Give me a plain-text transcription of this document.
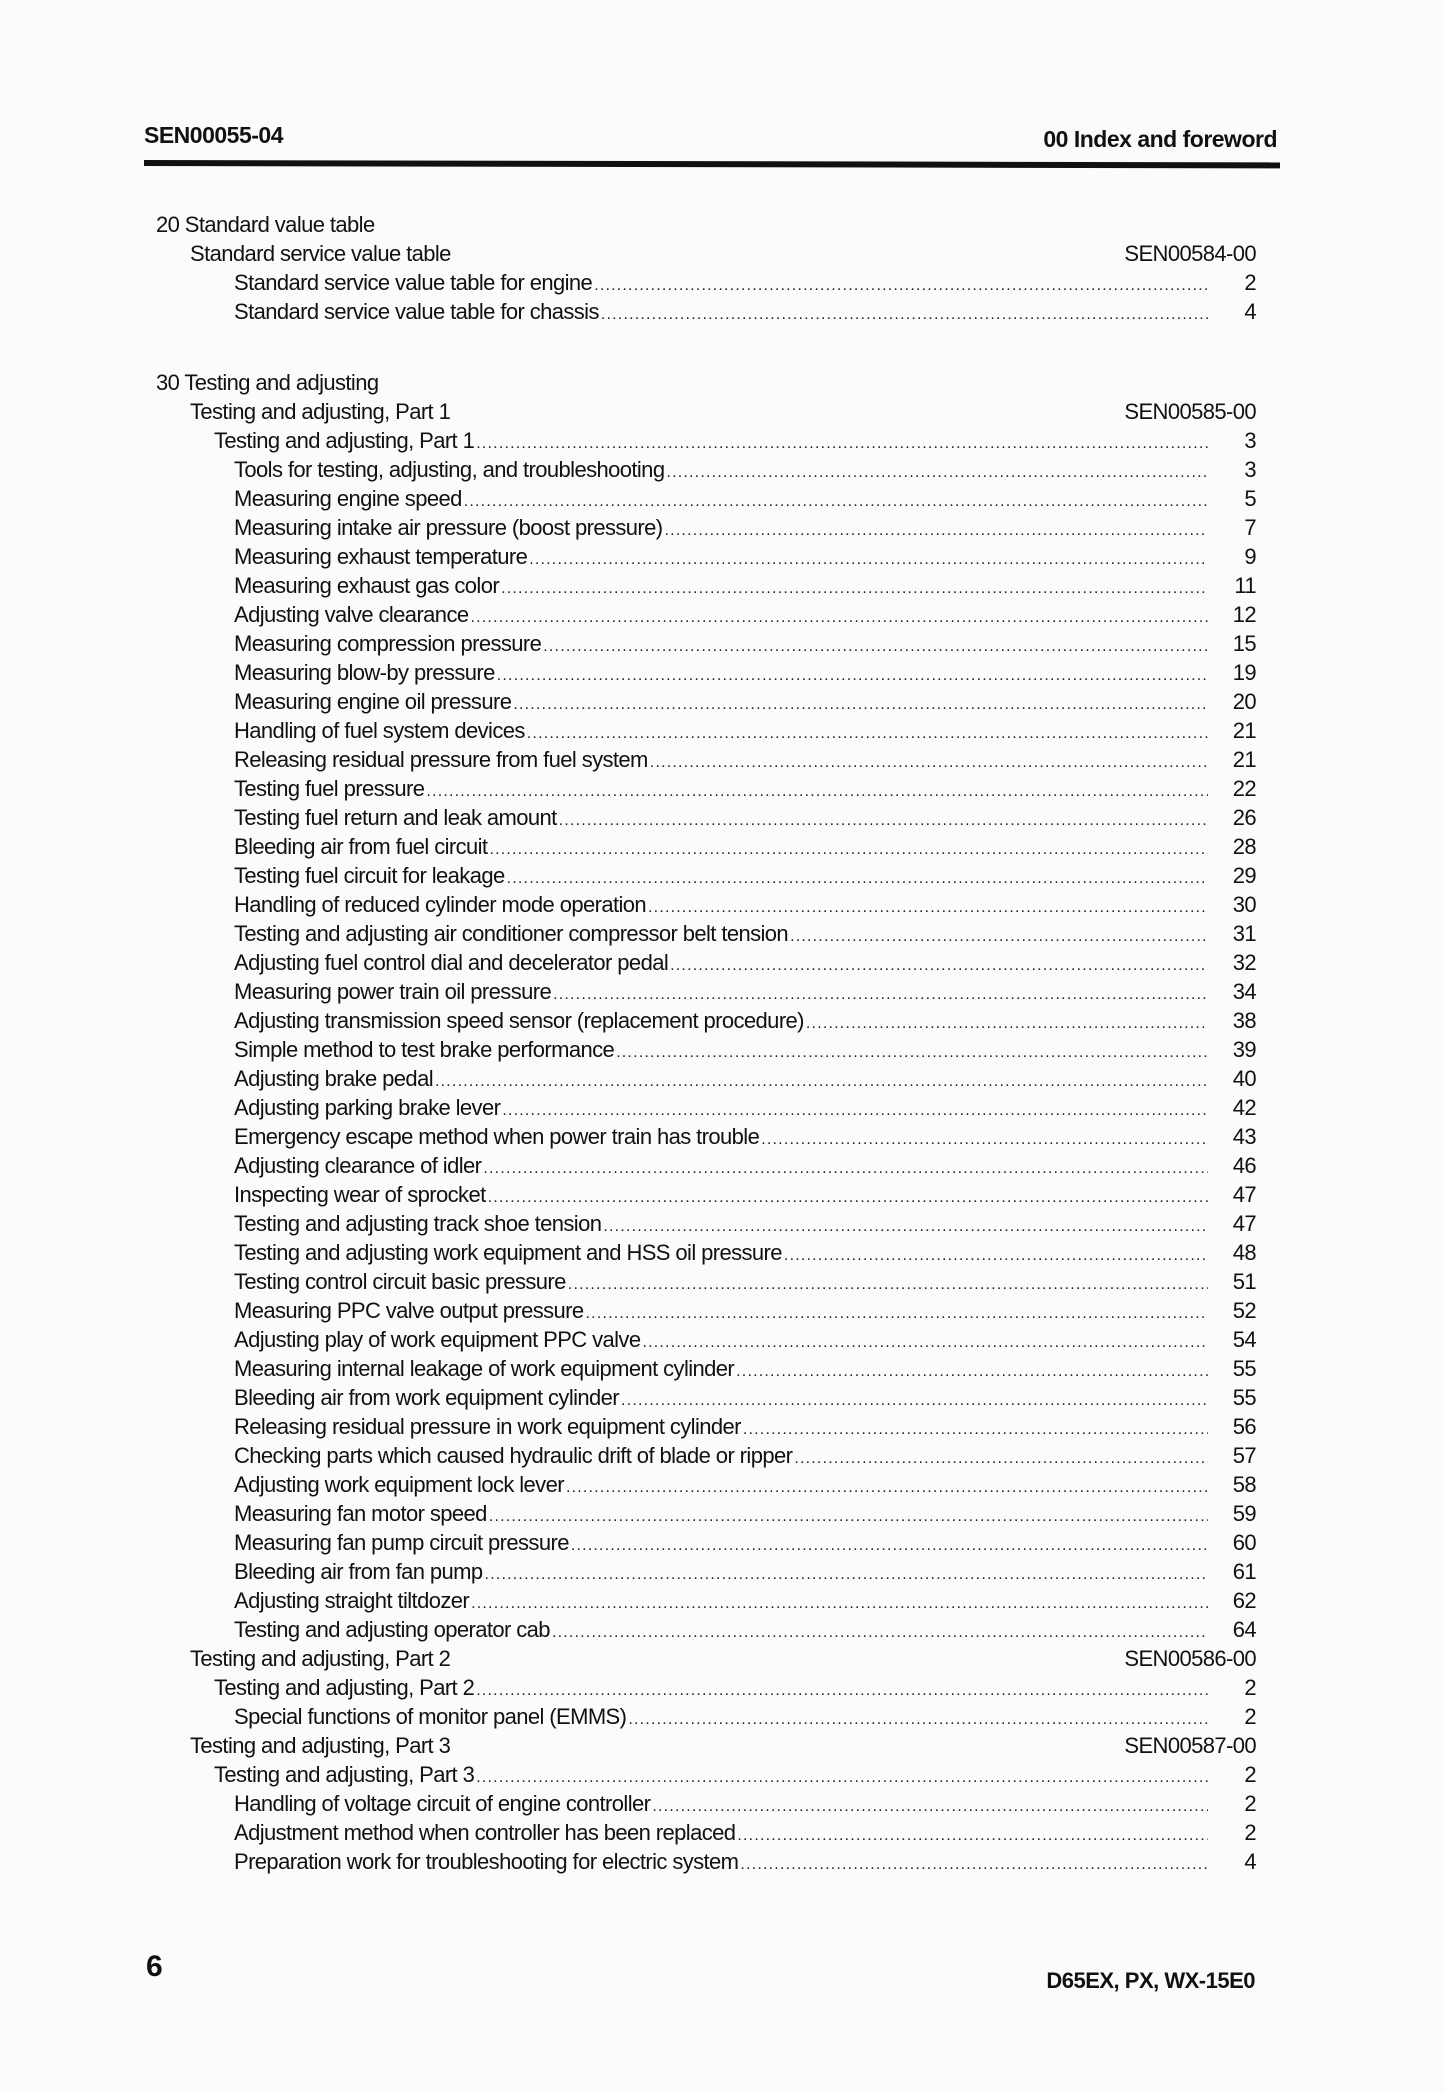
SEN00055-04	00 Index and foreword
20 Standard value table
Standard service value table	SEN00584-00
Standard service value table for engine .....	2
Standard service value table for chassis .....	4
30 Testing and adjusting
Testing and adjusting, Part 1	SEN00585-00
Testing and adjusting, Part 1 .....	3
Tools for testing, adjusting, and troubleshooting .....	3
Measuring engine speed .....	5
Measuring intake air pressure (boost pressure) .....	7
Measuring exhaust temperature .....	9
Measuring exhaust gas color .....	11
Adjusting valve clearance .....	12
Measuring compression pressure .....	15
Measuring blow-by pressure .....	19
Measuring engine oil pressure .....	20
Handling of fuel system devices .....	21
Releasing residual pressure from fuel system .....	21
Testing fuel pressure .....	22
Testing fuel return and leak amount .....	26
Bleeding air from fuel circuit .....	28
Testing fuel circuit for leakage .....	29
Handling of reduced cylinder mode operation .....	30
Testing and adjusting air conditioner compressor belt tension .....	31
Adjusting fuel control dial and decelerator pedal .....	32
Measuring power train oil pressure .....	34
Adjusting transmission speed sensor (replacement procedure) .....	38
Simple method to test brake performance .....	39
Adjusting brake pedal .....	40
Adjusting parking brake lever .....	42
Emergency escape method when power train has trouble .....	43
Adjusting clearance of idler .....	46
Inspecting wear of sprocket .....	47
Testing and adjusting track shoe tension .....	47
Testing and adjusting work equipment and HSS oil pressure .....	48
Testing control circuit basic pressure .....	51
Measuring PPC valve output pressure .....	52
Adjusting play of work equipment PPC valve .....	54
Measuring internal leakage of work equipment cylinder .....	55
Bleeding air from work equipment cylinder .....	55
Releasing residual pressure in work equipment cylinder .....	56
Checking parts which caused hydraulic drift of blade or ripper .....	57
Adjusting work equipment lock lever .....	58
Measuring fan motor speed .....	59
Measuring fan pump circuit pressure .....	60
Bleeding air from fan pump .....	61
Adjusting straight tiltdozer .....	62
Testing and adjusting operator cab .....	64
Testing and adjusting, Part 2	SEN00586-00
Testing and adjusting, Part 2 .....	2
Special functions of monitor panel (EMMS) .....	2
Testing and adjusting, Part 3	SEN00587-00
Testing and adjusting, Part 3 .....	2
Handling of voltage circuit of engine controller .....	2
Adjustment method when controller has been replaced .....	2
Preparation work for troubleshooting for electric system .....	4
6	D65EX, PX, WX-15E0
